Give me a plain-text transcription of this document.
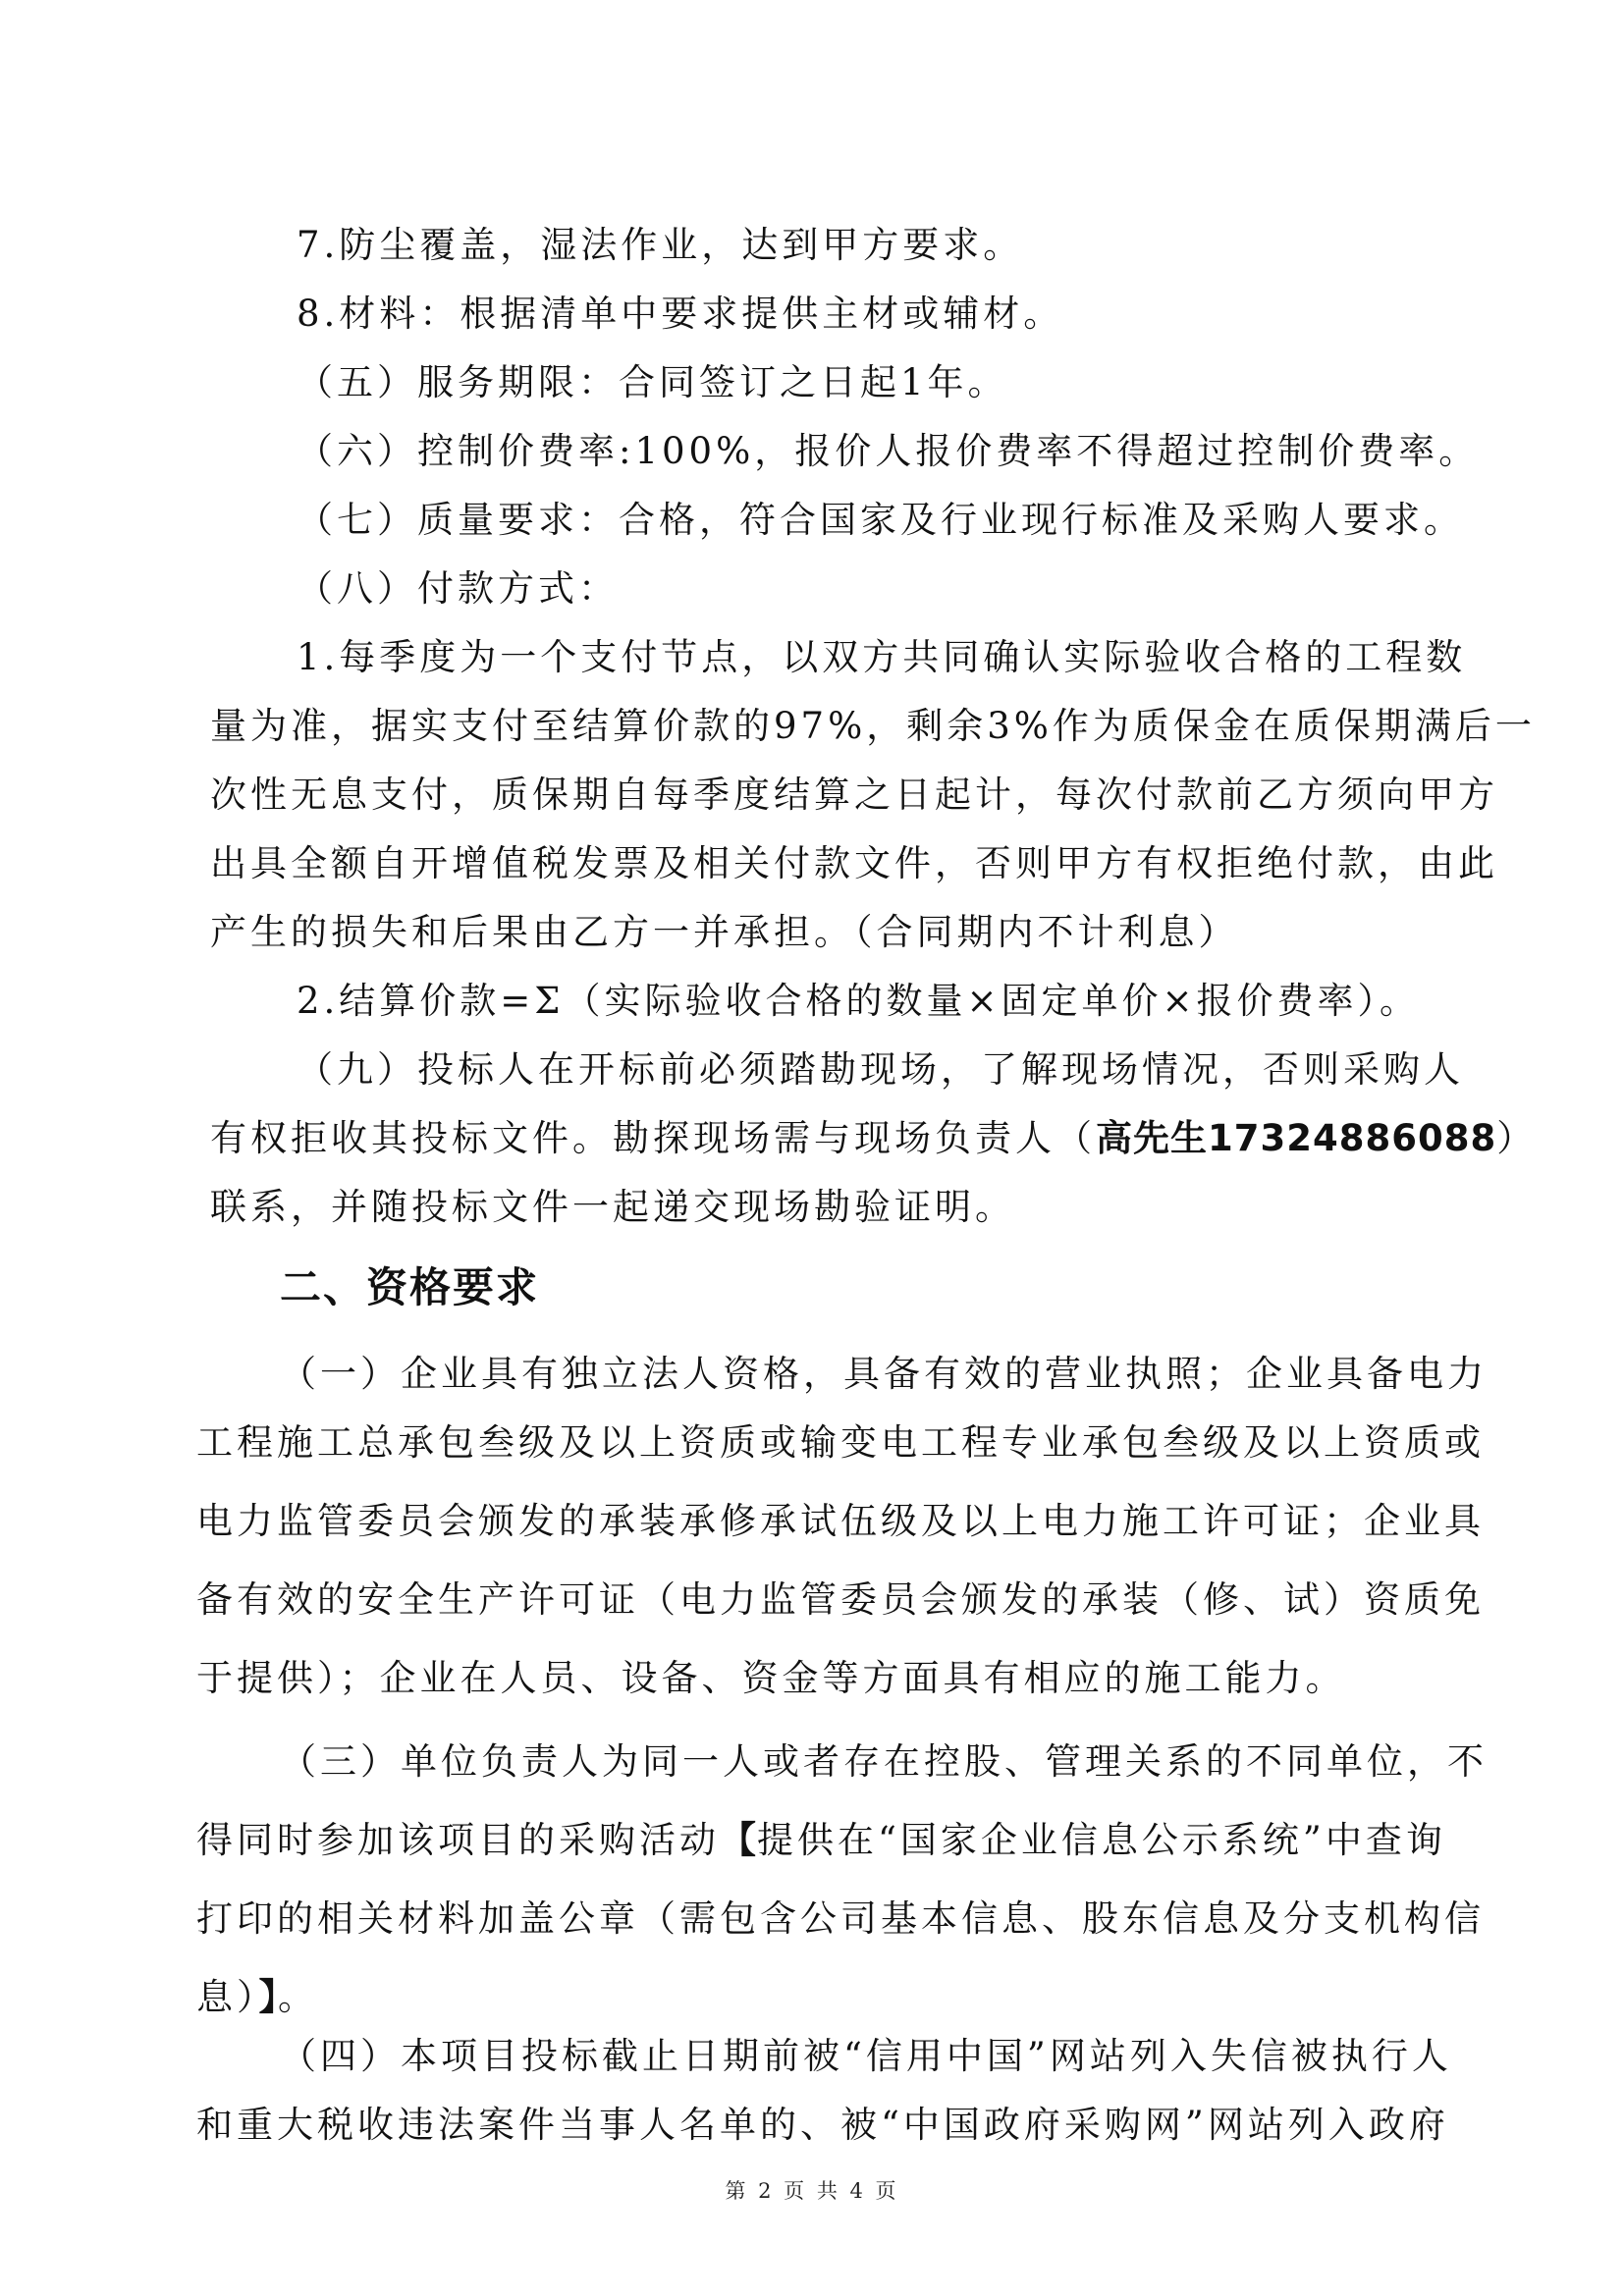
7.防尘覆盖，湿法作业，达到甲方要求。

8.材料：根据清单中要求提供主材或辅材。

（五）服务期限：合同签订之日起1年。

（六）控制价费率:100%，报价人报价费率不得超过控制价费率。

（七）质量要求：合格，符合国家及行业现行标准及采购人要求。

（八）付款方式：

1.每季度为一个支付节点，以双方共同确认实际验收合格的工程数

量为准，据实支付至结算价款的97%，剩余3%作为质保金在质保期满后一

次性无息支付，质保期自每季度结算之日起计，每次付款前乙方须向甲方

出具全额自开增值税发票及相关付款文件，否则甲方有权拒绝付款，由此

产生的损失和后果由乙方一并承担。（合同期内不计利息）

2.结算价款=Σ（实际验收合格的数量×固定单价×报价费率）。

（九）投标人在开标前必须踏勘现场，了解现场情况，否则采购人

有权拒收其投标文件。勘探现场需与现场负责人（高先生17324886088）

联系，并随投标文件一起递交现场勘验证明。

二、资格要求

（一）企业具有独立法人资格，具备有效的营业执照；企业具备电力

工程施工总承包叁级及以上资质或输变电工程专业承包叁级及以上资质或

电力监管委员会颁发的承装承修承试伍级及以上电力施工许可证；企业具

备有效的安全生产许可证（电力监管委员会颁发的承装（修、试）资质免

于提供）；企业在人员、设备、资金等方面具有相应的施工能力。

（三）单位负责人为同一人或者存在控股、管理关系的不同单位，不

得同时参加该项目的采购活动【提供在“国家企业信息公示系统”中查询

打印的相关材料加盖公章（需包含公司基本信息、股东信息及分支机构信

息）】。

（四）本项目投标截止日期前被“信用中国”网站列入失信被执行人

和重大税收违法案件当事人名单的、被“中国政府采购网”网站列入政府

第 2 页 共 4 页
